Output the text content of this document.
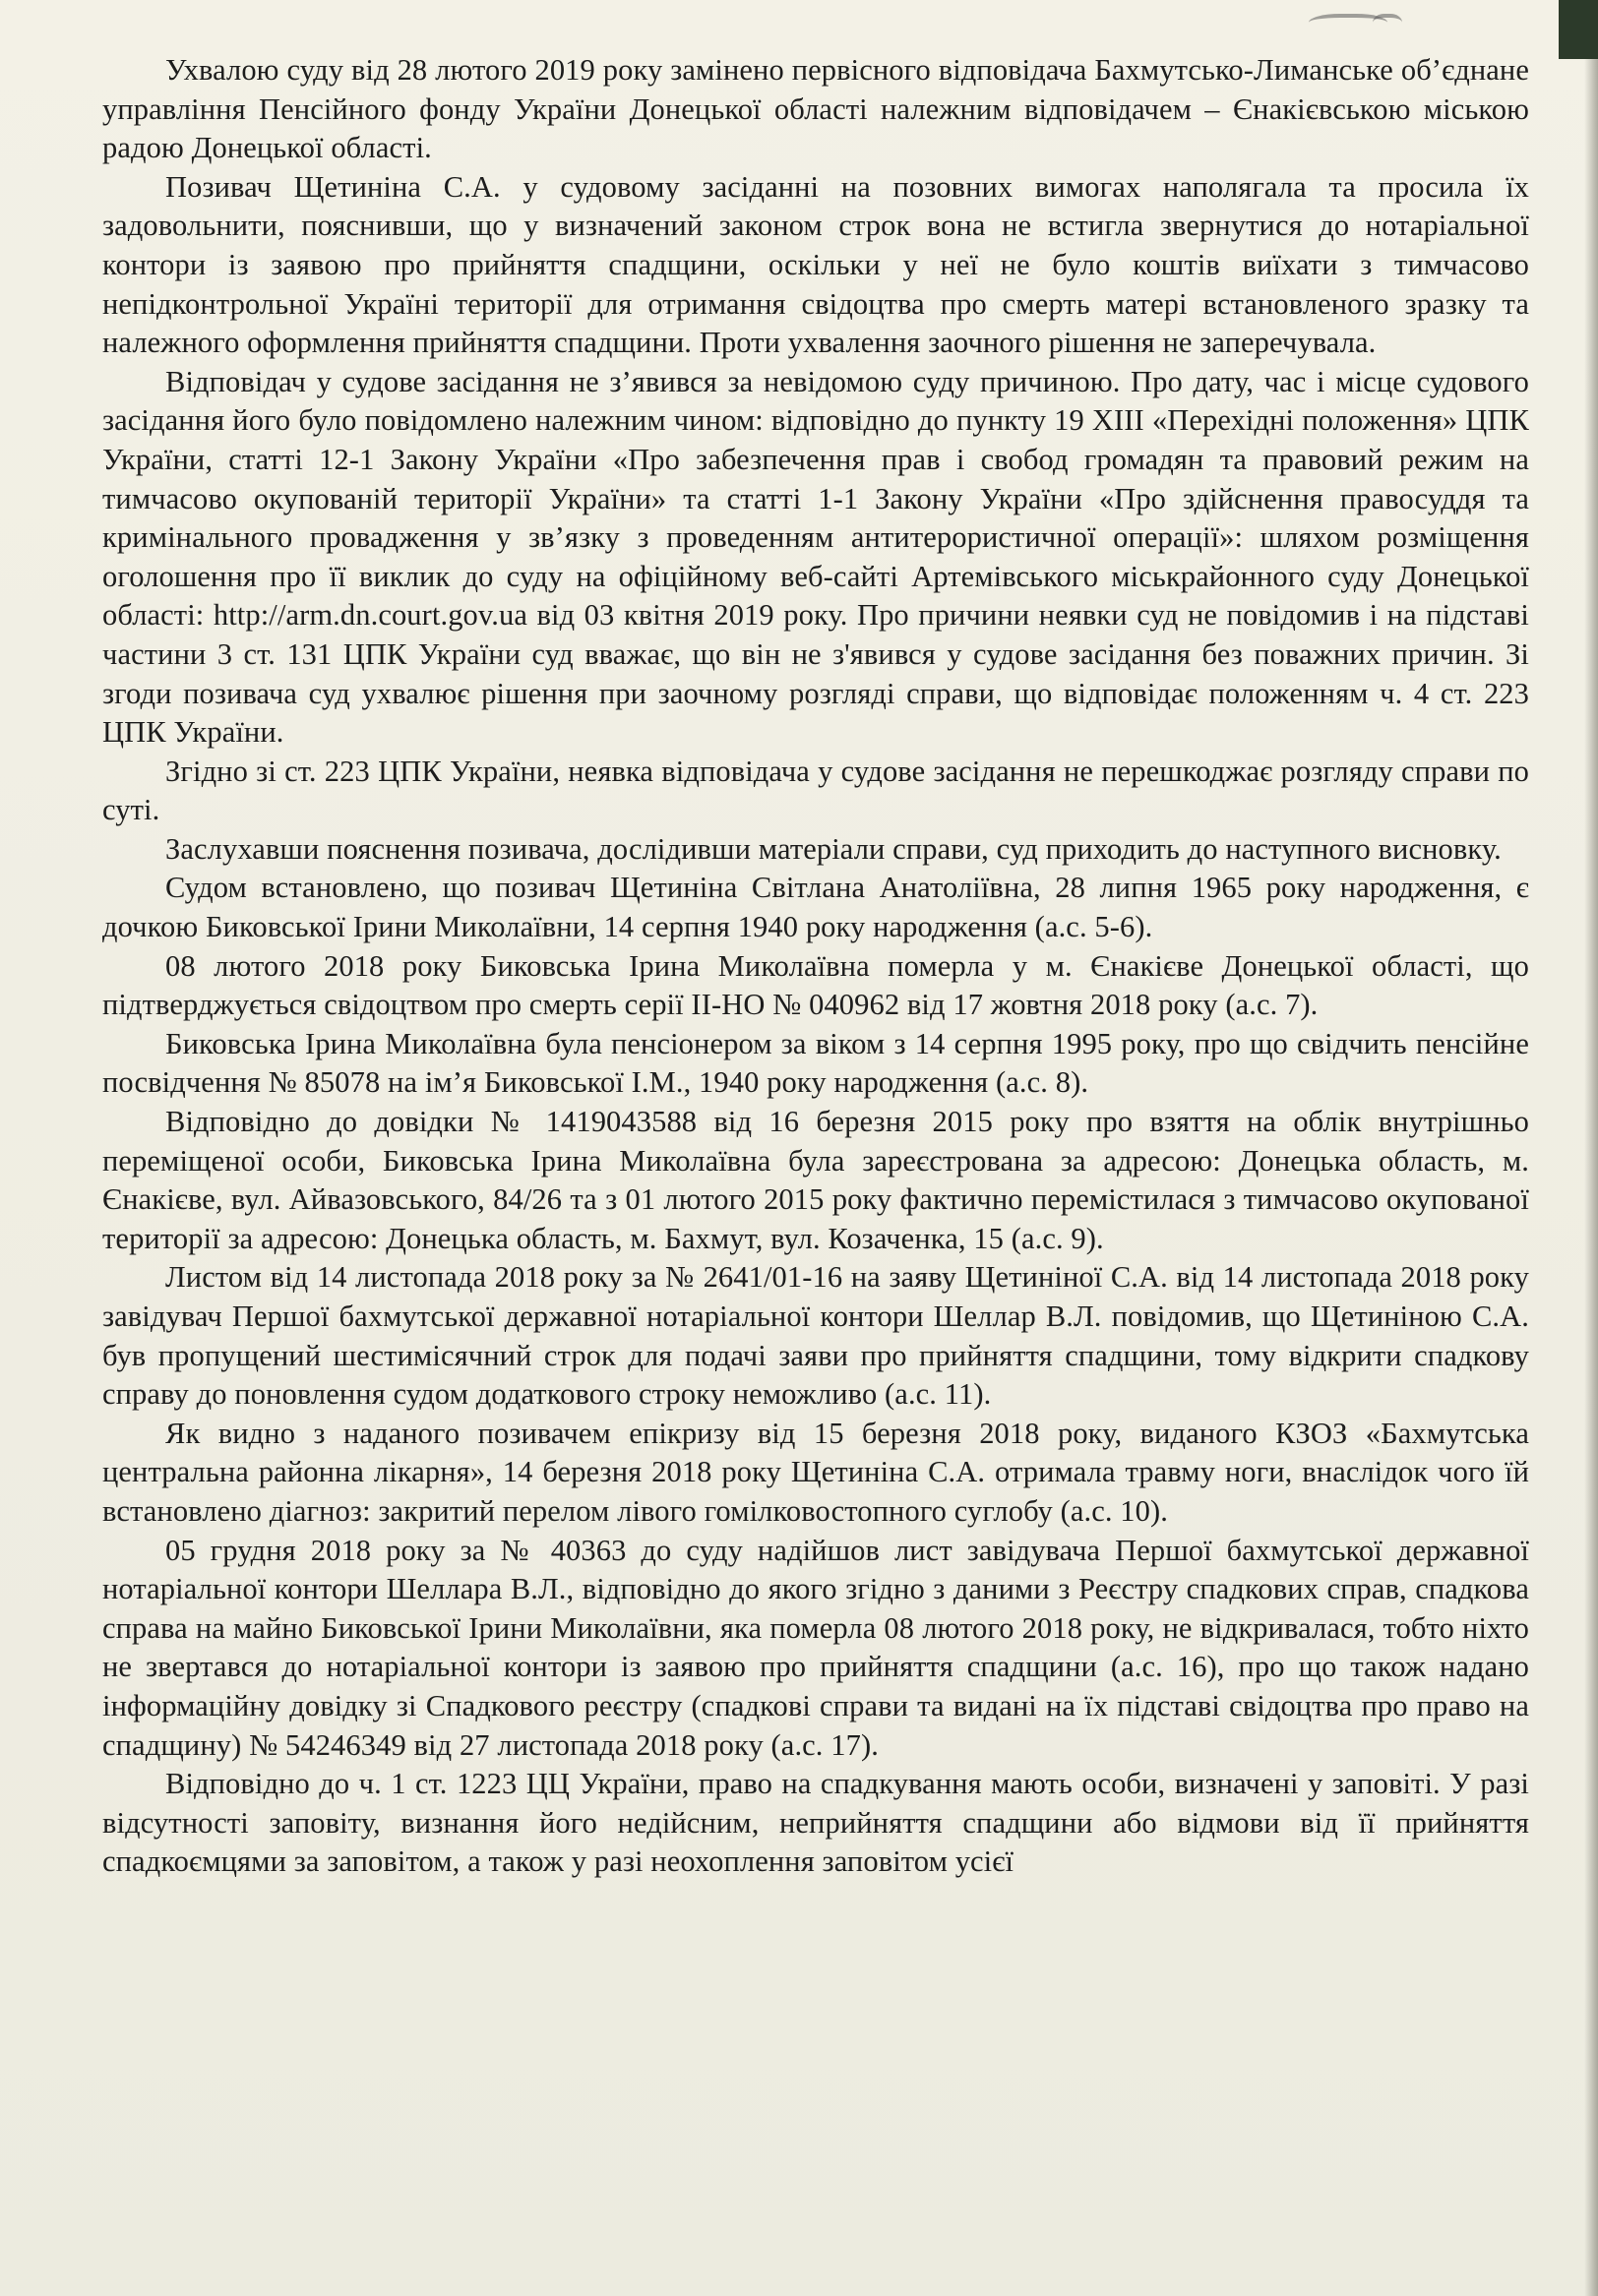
Ухвалою суду від 28 лютого 2019 року замінено первісного відповідача Бахмутсько-Лиманське об’єднане управління Пенсійного фонду України Донецької області належним відповідачем – Єнакієвською міською радою Донецької області.

Позивач Щетиніна С.А. у судовому засіданні на позовних вимогах наполягала та просила їх задовольнити, пояснивши, що у визначений законом строк вона не встигла звернутися до нотаріальної контори із заявою про прийняття спадщини, оскільки у неї не було коштів виїхати з тимчасово непідконтрольної Україні території для отримання свідоцтва про смерть матері встановленого зразку та належного оформлення прийняття спадщини. Проти ухвалення заочного рішення не заперечувала.

Відповідач у судове засідання не з’явився за невідомою суду причиною. Про дату, час і місце судового засідання його було повідомлено належним чином: відповідно до пункту 19 XIII «Перехідні положення» ЦПК України, статті 12-1 Закону України «Про забезпечення прав і свобод громадян та правовий режим на тимчасово окупованій території України» та статті 1-1 Закону України «Про здійснення правосуддя та кримінального провадження у зв’язку з проведенням антитерористичної операції»: шляхом розміщення оголошення про її виклик до суду на офіційному веб-сайті Артемівського міськрайонного суду Донецької області: http://arm.dn.court.gov.ua від 03 квітня 2019 року. Про причини неявки суд не повідомив і на підставі частини 3 ст. 131 ЦПК України суд вважає, що він не з'явився у судове засідання без поважних причин. Зі згоди позивача суд ухвалює рішення при заочному розгляді справи, що відповідає положенням ч. 4 ст. 223 ЦПК України.

Згідно зі ст. 223 ЦПК України, неявка відповідача у судове засідання не перешкоджає розгляду справи по суті.

Заслухавши пояснення позивача, дослідивши матеріали справи, суд приходить до наступного висновку.

Судом встановлено, що позивач Щетиніна Світлана Анатоліївна, 28 липня 1965 року народження, є дочкою Биковської Ірини Миколаївни, 14 серпня 1940 року народження (а.с. 5-6).

08 лютого 2018 року Биковська Ірина Миколаївна померла у м. Єнакієве Донецької області, що підтверджується свідоцтвом про смерть серії ІІ-НО № 040962 від 17 жовтня 2018 року (а.с. 7).

Биковська Ірина Миколаївна була пенсіонером за віком з 14 серпня 1995 року, про що свідчить пенсійне посвідчення № 85078 на ім’я Биковської І.М., 1940 року народження (а.с. 8).

Відповідно до довідки № 1419043588 від 16 березня 2015 року про взяття на облік внутрішньо переміщеної особи, Биковська Ірина Миколаївна була зареєстрована за адресою: Донецька область, м. Єнакієве, вул. Айвазовського, 84/26 та з 01 лютого 2015 року фактично перемістилася з тимчасово окупованої території за адресою: Донецька область, м. Бахмут, вул. Козаченка, 15 (а.с. 9).

Листом від 14 листопада 2018 року за № 2641/01-16 на заяву Щетиніної С.А. від 14 листопада 2018 року завідувач Першої бахмутської державної нотаріальної контори Шеллар В.Л. повідомив, що Щетиніною С.А. був пропущений шестимісячний строк для подачі заяви про прийняття спадщини, тому відкрити спадкову справу до поновлення судом додаткового строку неможливо (а.с. 11).

Як видно з наданого позивачем епікризу від 15 березня 2018 року, виданого КЗОЗ «Бахмутська центральна районна лікарня», 14 березня 2018 року Щетиніна С.А. отримала травму ноги, внаслідок чого їй встановлено діагноз: закритий перелом лівого гомілковостопного суглобу (а.с. 10).

05 грудня 2018 року за № 40363 до суду надійшов лист завідувача Першої бахмутської державної нотаріальної контори Шеллара В.Л., відповідно до якого згідно з даними з Реєстру спадкових справ, спадкова справа на майно Биковської Ірини Миколаївни, яка померла 08 лютого 2018 року, не відкривалася, тобто ніхто не звертався до нотаріальної контори із заявою про прийняття спадщини (а.с. 16), про що також надано інформаційну довідку зі Спадкового реєстру (спадкові справи та видані на їх підставі свідоцтва про право на спадщину) № 54246349 від 27 листопада 2018 року (а.с. 17).

Відповідно до ч. 1 ст. 1223 ЦЦ України, право на спадкування мають особи, визначені у заповіті. У разі відсутності заповіту, визнання його недійсним, неприйняття спадщини або відмови від її прийняття спадкоємцями за заповітом, а також у разі неохоплення заповітом усієї
